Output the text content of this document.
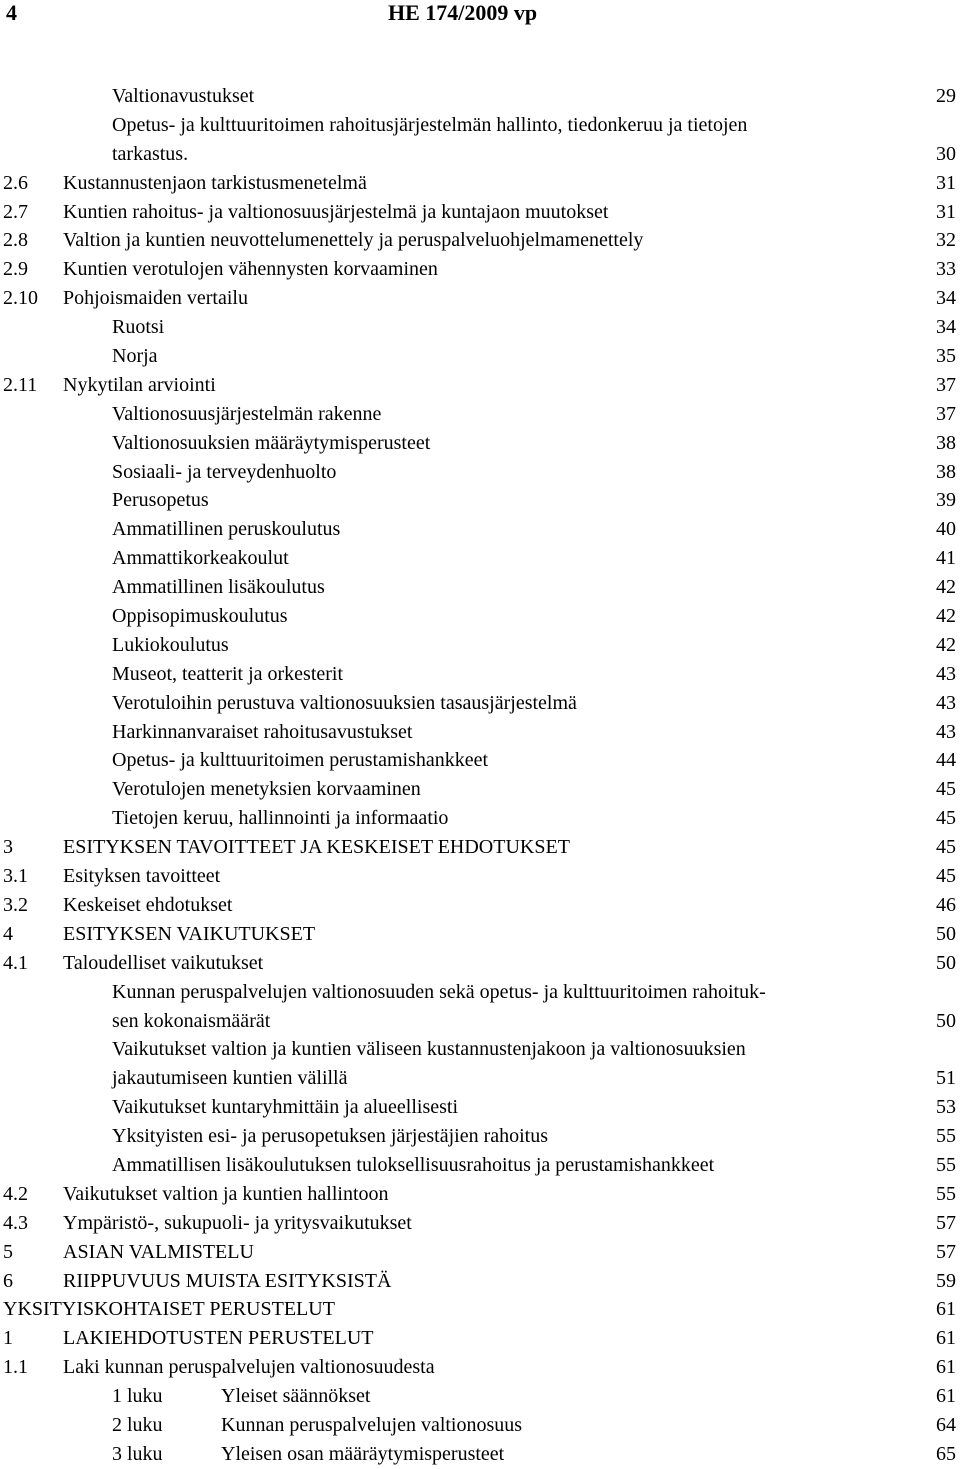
4	HE 174/2009 vp
Valtionavustukset	29
Opetus- ja kulttuuritoimen rahoitusjärjestelmän hallinto, tiedonkeruu ja tietojen
tarkastus.	30
2.6 Kustannustenjaon tarkistusmenetelmä	31
2.7 Kuntien rahoitus- ja valtionosuusjärjestelmä ja kuntajaon muutokset	31
2.8 Valtion ja kuntien neuvottelumenettely ja peruspalveluohjelmamenettely	32
2.9 Kuntien verotulojen vähennysten korvaaminen	33
2.10 Pohjoismaiden vertailu	34
Ruotsi	34
Norja	35
2.11 Nykytilan arviointi	37
Valtionosuusjärjestelmän rakenne	37
Valtionosuuksien määräytymisperusteet	38
Sosiaali- ja terveydenhuolto	38
Perusopetus	39
Ammatillinen peruskoulutus	40
Ammattikorkeakoulut	41
Ammatillinen lisäkoulutus	42
Oppisopimuskoulutus	42
Lukiokoulutus	42
Museot, teatterit ja orkesterit	43
Verotuloihin perustuva valtionosuuksien tasausjärjestelmä	43
Harkinnanvaraiset rahoitusavustukset	43
Opetus- ja kulttuuritoimen perustamishankkeet	44
Verotulojen menetyksien korvaaminen	45
Tietojen keruu, hallinnointi ja informaatio	45
3	ESITYKSEN TAVOITTEET JA KESKEISET EHDOTUKSET	45
3.1 Esityksen tavoitteet	45
3.2 Keskeiset ehdotukset	46
4	ESITYKSEN VAIKUTUKSET	50
4.1 Taloudelliset vaikutukset	50
Kunnan peruspalvelujen valtionosuuden sekä opetus- ja kulttuuritoimen rahoituk-
sen kokonaismäärät	50
Vaikutukset valtion ja kuntien väliseen kustannustenjakoon ja valtionosuuksien
jakautumiseen kuntien välillä	51
Vaikutukset kuntaryhmittäin ja alueellisesti	53
Yksityisten esi- ja perusopetuksen järjestäjien rahoitus	55
Ammatillisen lisäkoulutuksen tuloksellisuusrahoitus ja perustamishankkeet	55
4.2 Vaikutukset valtion ja kuntien hallintoon	55
4.3 Ympäristö-, sukupuoli- ja yritysvaikutukset	57
5	ASIAN VALMISTELU	57
6	RIIPPUVUUS MUISTA ESITYKSISTÄ	59
YKSITYISKOHTAISET PERUSTELUT	61
1	LAKIEHDOTUSTEN PERUSTELUT	61
1.1 Laki kunnan peruspalvelujen valtionosuudesta	61
1 luku	Yleiset säännökset	61
2 luku	Kunnan peruspalvelujen valtionosuus	64
3 luku	Yleisen osan määräytymisperusteet	65
